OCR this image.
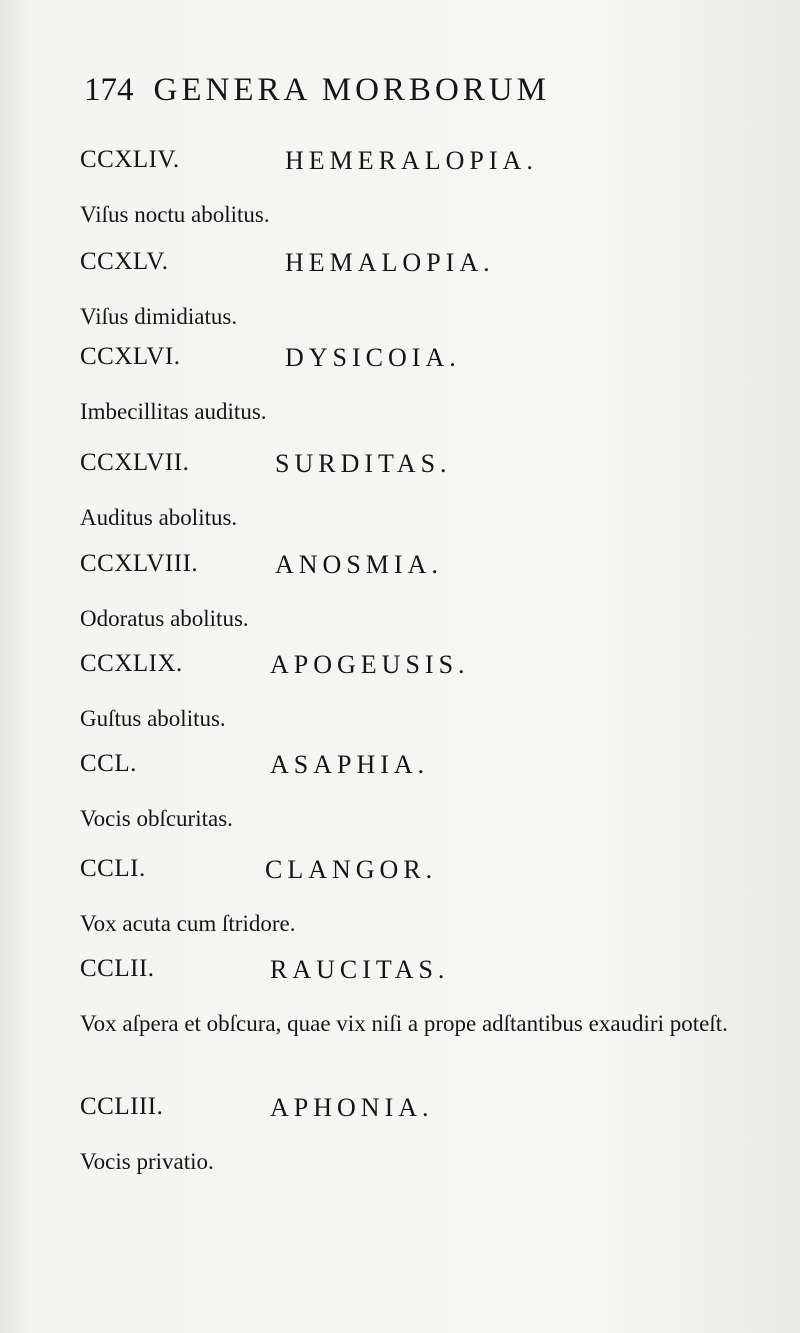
174 GENERA MORBORUM
CCXLIV.	HEMERALOPIA.
Viſus noctu abolitus.
CCXLV.	HEMALOPIA.
Viſus dimidiatus.
CCXLVI.	DYSICOIA.
Imbecillitas auditus.
CCXLVII.	SURDITAS.
Auditus abolitus.
CCXLVIII.	ANOSMIA.
Odoratus abolitus.
CCXLIX.	APOGEUSIS.
Guſtus abolitus.
CCL.	ASAPHIA.
Vocis obſcuritas.
CCLI.	CLANGOR.
Vox acuta cum ſtridore.
CCLII.	RAUCITAS.
Vox aſpera et obſcura, quae vix niſi a prope adſtantibus exaudiri poteſt.
CCLIII.	APHONIA.
Vocis privatio.
